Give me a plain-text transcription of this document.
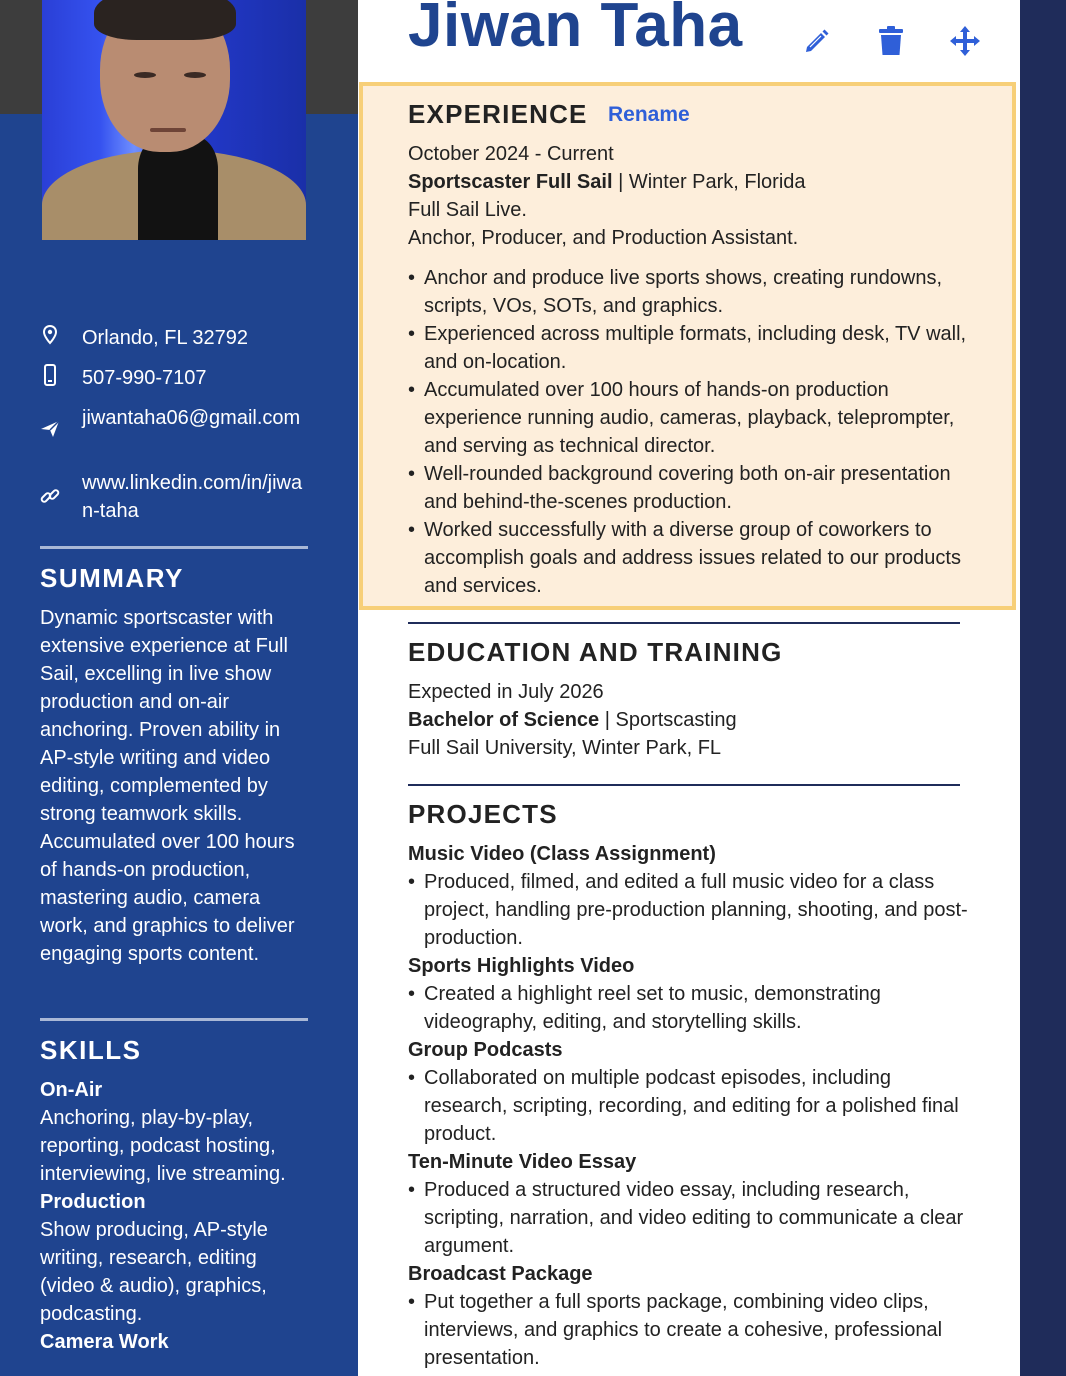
Orlando, FL 32792
507-990-7107
jiwantaha06@gmail.com
www.linkedin.com/in/jiwan-taha
SUMMARY
Dynamic sportscaster with extensive experience at Full Sail, excelling in live show production and on-air anchoring. Proven ability in AP-style writing and video editing, complemented by strong teamwork skills. Accumulated over 100 hours of hands-on production, mastering audio, camera work, and graphics to deliver engaging sports content.
SKILLS
On-Air
Anchoring, play-by-play, reporting, podcast hosting, interviewing, live streaming.
Production
Show producing, AP-style writing, research, editing (video & audio), graphics, podcasting.
Camera Work
Jiwan Taha
EXPERIENCE Rename
October 2024 - Current
Sportscaster Full Sail | Winter Park, Florida
Full Sail Live.
Anchor, Producer, and Production Assistant.
• Anchor and produce live sports shows, creating rundowns, scripts, VOs, SOTs, and graphics.
• Experienced across multiple formats, including desk, TV wall, and on-location.
• Accumulated over 100 hours of hands-on production experience running audio, cameras, playback, teleprompter, and serving as technical director.
• Well-rounded background covering both on-air presentation and behind-the-scenes production.
• Worked successfully with a diverse group of coworkers to accomplish goals and address issues related to our products and services.
EDUCATION AND TRAINING
Expected in July 2026
Bachelor of Science | Sportscasting
Full Sail University, Winter Park, FL
PROJECTS
Music Video (Class Assignment)
• Produced, filmed, and edited a full music video for a class project, handling pre-production planning, shooting, and post-production.
Sports Highlights Video
• Created a highlight reel set to music, demonstrating videography, editing, and storytelling skills.
Group Podcasts
• Collaborated on multiple podcast episodes, including research, scripting, recording, and editing for a polished final product.
Ten-Minute Video Essay
• Produced a structured video essay, including research, scripting, narration, and video editing to communicate a clear argument.
Broadcast Package
• Put together a full sports package, combining video clips, interviews, and graphics to create a cohesive, professional presentation.
